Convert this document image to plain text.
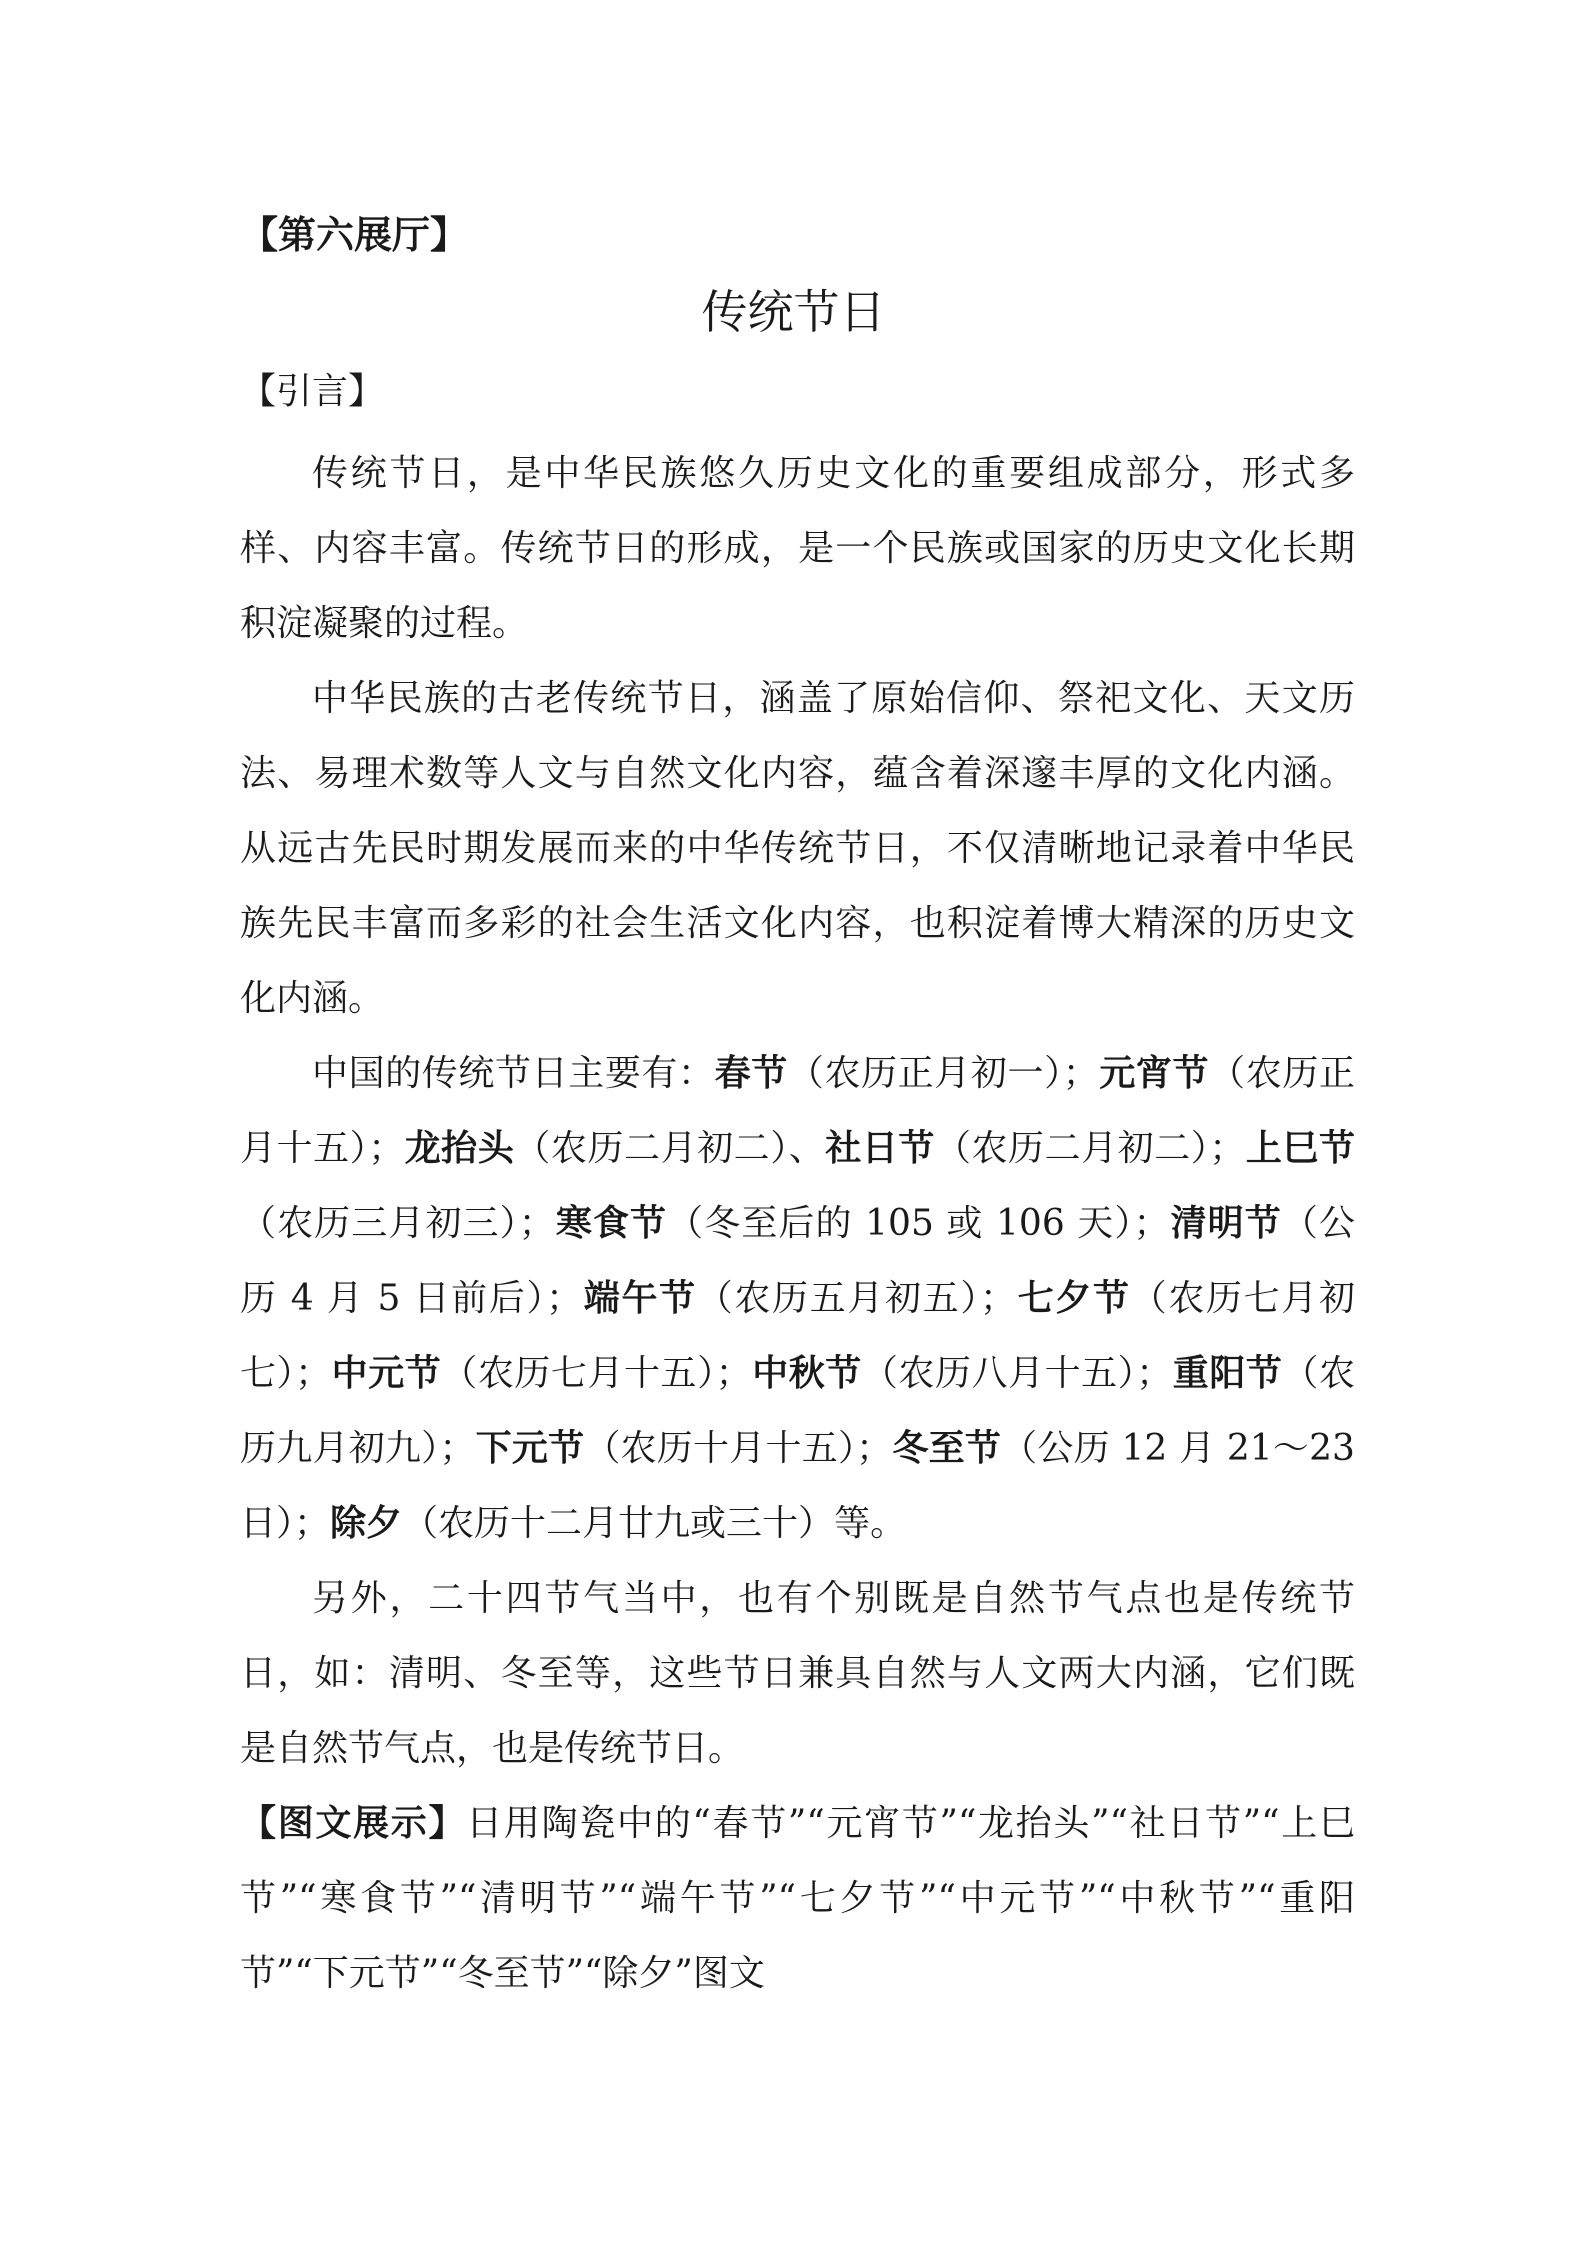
【第六展厅】
传统节日
【引言】

传统节日，是中华民族悠久历史文化的重要组成部分，形式多样、内容丰富。传统节日的形成，是一个民族或国家的历史文化长期积淀凝聚的过程。

中华民族的古老传统节日，涵盖了原始信仰、祭祀文化、天文历法、易理术数等人文与自然文化内容，蕴含着深邃丰厚的文化内涵。从远古先民时期发展而来的中华传统节日，不仅清晰地记录着中华民族先民丰富而多彩的社会生活文化内容，也积淀着博大精深的历史文化内涵。

中国的传统节日主要有：春节（农历正月初一）；元宵节（农历正月十五）；龙抬头（农历二月初二）、社日节（农历二月初二）；上巳节（农历三月初三）；寒食节（冬至后的 105 或 106 天）；清明节（公历 4 月 5 日前后）；端午节（农历五月初五）；七夕节（农历七月初七）；中元节（农历七月十五）；中秋节（农历八月十五）；重阳节（农历九月初九）；下元节（农历十月十五）；冬至节（公历 12 月 21～23 日）；除夕（农历十二月廿九或三十）等。

另外，二十四节气当中，也有个别既是自然节气点也是传统节日，如：清明、冬至等，这些节日兼具自然与人文两大内涵，它们既是自然节气点，也是传统节日。

【图文展示】日用陶瓷中的“春节”“元宵节”“龙抬头”“社日节”“上巳节”“寒食节”“清明节”“端午节”“七夕节”“中元节”“中秋节”“重阳节”“下元节”“冬至节”“除夕”图文
